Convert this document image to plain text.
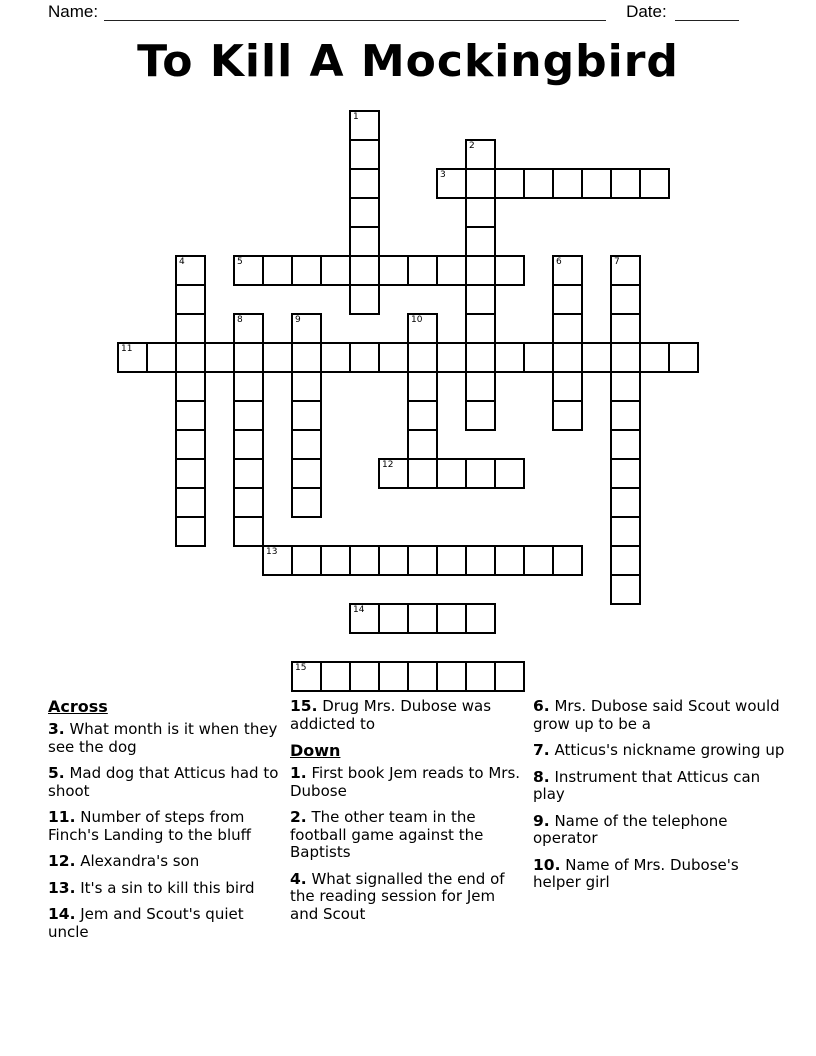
Name:	Date:
To Kill A Mockingbird
3
5
11
12
13
14
15
1
2
4	6	7
8	9	10
Across
3. What month is it when they see the dog
5. Mad dog that Atticus had to shoot
11. Number of steps from Finch's Landing to the bluff
12. Alexandra's son
13. It's a sin to kill this bird
14. Jem and Scout's quiet uncle
15. Drug Mrs. Dubose was addicted to
Down
1. First book Jem reads to Mrs. Dubose
2. The other team in the football game against the Baptists
4. What signalled the end of the reading session for Jem and Scout
6. Mrs. Dubose said Scout would grow up to be a
7. Atticus's nickname growing up
8. Instrument that Atticus can play
9. Name of the telephone operator
10. Name of Mrs. Dubose's helper girl
